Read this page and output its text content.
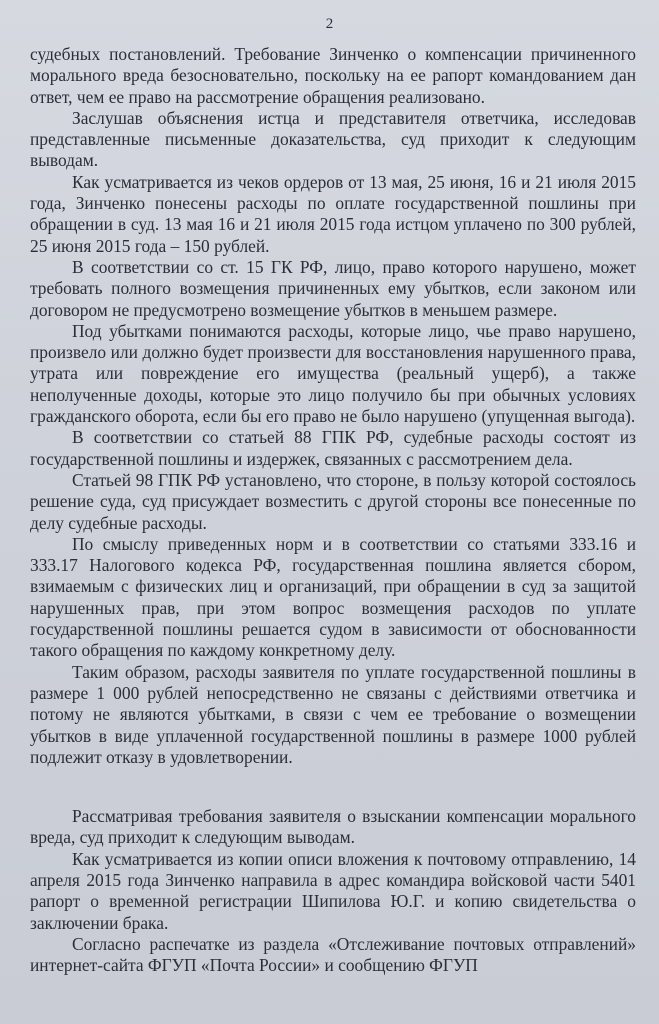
2

судебных постановлений. Требование Зинченко о компенсации причиненного морального вреда безосновательно, поскольку на ее рапорт командованием дан ответ, чем ее право на рассмотрение обращения реализовано.

Заслушав объяснения истца и представителя ответчика, исследовав представленные письменные доказательства, суд приходит к следующим выводам.

Как усматривается из чеков ордеров от 13 мая, 25 июня, 16 и 21 июля 2015 года, Зинченко понесены расходы по оплате государственной пошлины при обращении в суд. 13 мая 16 и 21 июля 2015 года истцом уплачено по 300 рублей, 25 июня 2015 года – 150 рублей.

В соответствии со ст. 15 ГК РФ, лицо, право которого нарушено, может требовать полного возмещения причиненных ему убытков, если законом или договором не предусмотрено возмещение убытков в меньшем размере.

Под убытками понимаются расходы, которые лицо, чье право нарушено, произвело или должно будет произвести для восстановления нарушенного права, утрата или повреждение его имущества (реальный ущерб), а также неполученные доходы, которые это лицо получило бы при обычных условиях гражданского оборота, если бы его право не было нарушено (упущенная выгода).

В соответствии со статьей 88 ГПК РФ, судебные расходы состоят из государственной пошлины и издержек, связанных с рассмотрением дела.

Статьей 98 ГПК РФ установлено, что стороне, в пользу которой состоялось решение суда, суд присуждает возместить с другой стороны все понесенные по делу судебные расходы.

По смыслу приведенных норм и в соответствии со статьями 333.16 и 333.17 Налогового кодекса РФ, государственная пошлина является сбором, взимаемым с физических лиц и организаций, при обращении в суд за защитой нарушенных прав, при этом вопрос возмещения расходов по уплате государственной пошлины решается судом в зависимости от обоснованности такого обращения по каждому конкретному делу.

Таким образом, расходы заявителя по уплате государственной пошлины в размере 1 000 рублей непосредственно не связаны с действиями ответчика и потому не являются убытками, в связи с чем ее требование о возмещении убытков в виде уплаченной государственной пошлины в размере 1000 рублей подлежит отказу в удовлетворении.

Рассматривая требования заявителя о взыскании компенсации морального вреда, суд приходит к следующим выводам.

Как усматривается из копии описи вложения к почтовому отправлению, 14 апреля 2015 года Зинченко направила в адрес командира войсковой части 5401 рапорт о временной регистрации Шипилова Ю.Г. и копию свидетельства о заключении брака.

Согласно распечатке из раздела «Отслеживание почтовых отправлений» интернет-сайта ФГУП «Почта России» и сообщению ФГУП
